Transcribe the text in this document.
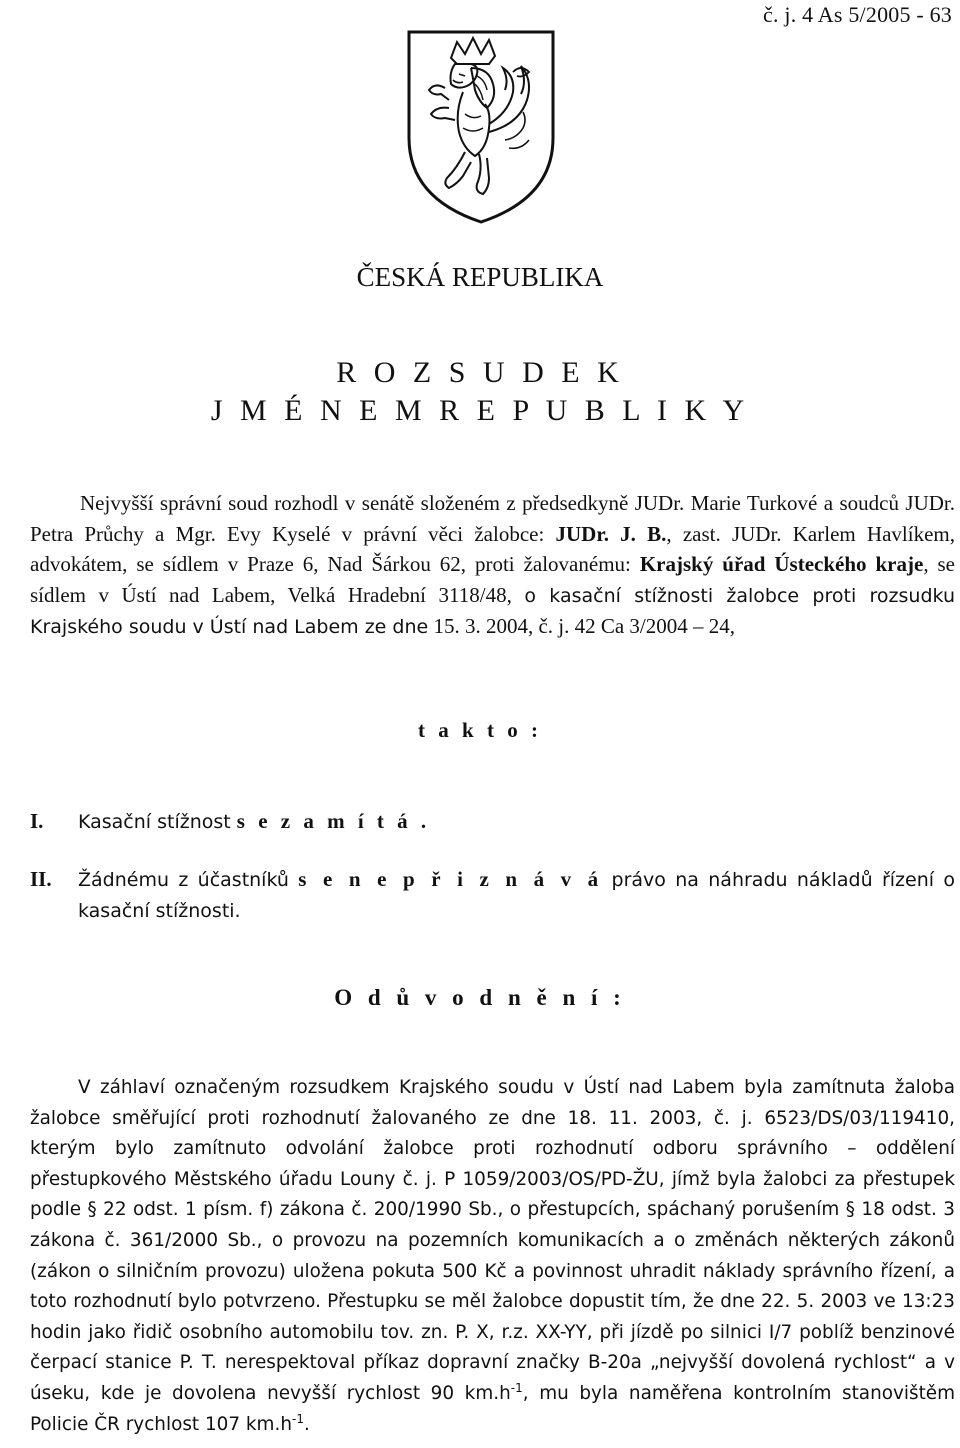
č. j. 4 As 5/2005 - 63
ČESKÁ REPUBLIKA
R O Z S U D E K
J M É N E M R E P U B L I K Y
Nejvyšší správní soud rozhodl v senátě složeném z předsedkyně JUDr. Marie Turkové a soudců JUDr. Petra Průchy a Mgr. Evy Kyselé v právní věci žalobce: JUDr. J. B., zast. JUDr. Karlem Havlíkem, advokátem, se sídlem v Praze 6, Nad Šárkou 62, proti žalovanému: Krajský úřad Ústeckého kraje, se sídlem v Ústí nad Labem, Velká Hradební 3118/48, o kasační stížnosti žalobce proti rozsudku Krajského soudu v Ústí nad Labem ze dne 15. 3. 2004, č. j. 42 Ca 3/2004 – 24,
t a k t o :
I. Kasační stížnost s e z a m í t á .
II. Žádnému z účastníků s e n e p ř i z n á v á právo na náhradu nákladů řízení o kasační stížnosti.
O d ů v o d n ě n í :
V záhlaví označeným rozsudkem Krajského soudu v Ústí nad Labem byla zamítnuta žaloba žalobce směřující proti rozhodnutí žalovaného ze dne 18. 11. 2003, č. j. 6523/DS/03/119410, kterým bylo zamítnuto odvolání žalobce proti rozhodnutí odboru správního – oddělení přestupkového Městského úřadu Louny č. j. P 1059/2003/OS/PD-ŽU, jímž byla žalobci za přestupek podle § 22 odst. 1 písm. f) zákona č. 200/1990 Sb., o přestupcích, spáchaný porušením § 18 odst. 3 zákona č. 361/2000 Sb., o provozu na pozemních komunikacích a o změnách některých zákonů (zákon o silničním provozu) uložena pokuta 500 Kč a povinnost uhradit náklady správního řízení, a toto rozhodnutí bylo potvrzeno. Přestupku se měl žalobce dopustit tím, že dne 22. 5. 2003 ve 13:23 hodin jako řidič osobního automobilu tov. zn. P. X, r.z. XX-YY, při jízdě po silnici I/7 poblíž benzinové čerpací stanice P. T. nerespektoval příkaz dopravní značky B-20a „nejvyšší dovolená rychlost“ a v úseku, kde je dovolena nevyšší rychlost 90 $km.h^{-1}$, mu byla naměřena kontrolním stanovištěm Policie ČR rychlost 107 $km.h^{-1}$.
